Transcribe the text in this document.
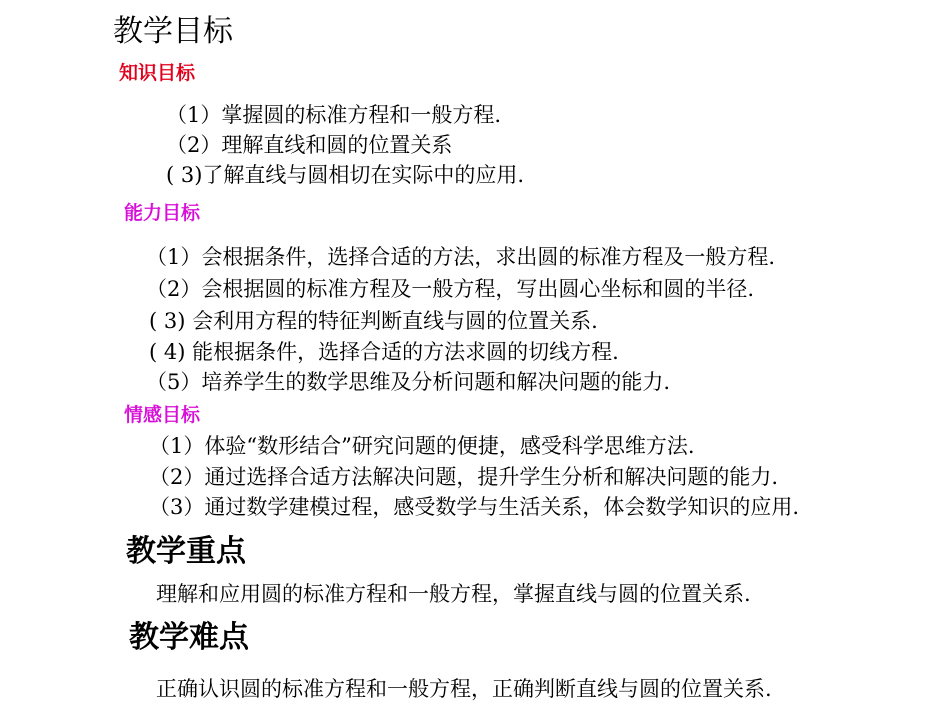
教学目标
知识目标
（1）掌握圆的标准方程和一般方程.
（2）理解直线和圆的位置关系
( 3)了解直线与圆相切在实际中的应用.
能力目标
（1）会根据条件，选择合适的方法，求出圆的标准方程及一般方程.
（2）会根据圆的标准方程及一般方程，写出圆心坐标和圆的半径.
( 3) 会利用方程的特征判断直线与圆的位置关系.
( 4) 能根据条件，选择合适的方法求圆的切线方程.
（5）培养学生的数学思维及分析问题和解决问题的能力.
情感目标
（1）体验“数形结合”研究问题的便捷，感受科学思维方法.
（2）通过选择合适方法解决问题，提升学生分析和解决问题的能力.
（3）通过数学建模过程，感受数学与生活关系，体会数学知识的应用.
教学重点
理解和应用圆的标准方程和一般方程，掌握直线与圆的位置关系.
教学难点
正确认识圆的标准方程和一般方程，正确判断直线与圆的位置关系.
